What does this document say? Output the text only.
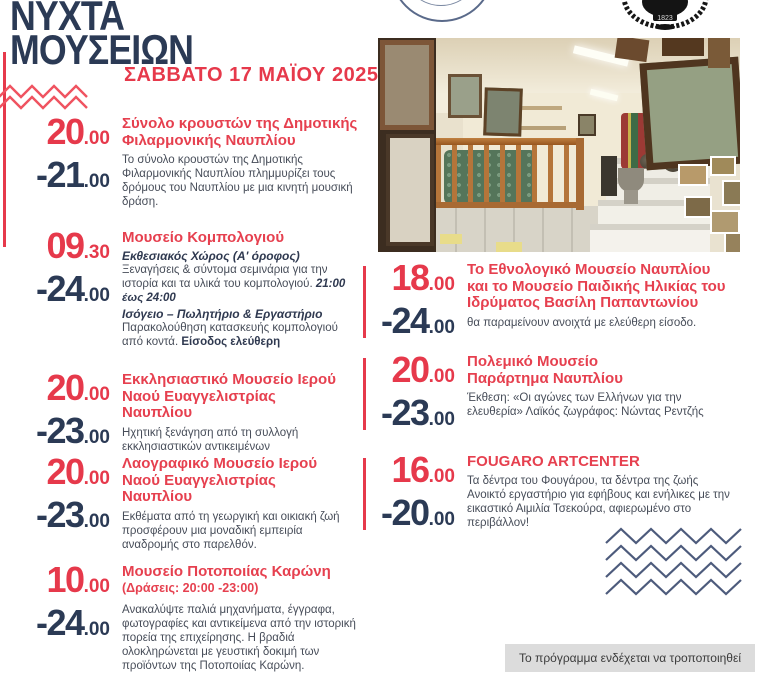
ΝΥΧΤΑ
ΜΟΥΣΕΙΩΝ
ΣΑΒΒΑΤΟ 17 ΜΑΪΟΥ 2025
1823
20.00
-21.00
Σύνολο κρουστών της Δημοτικής Φιλαρμονικής Ναυπλίου
Το σύνολο κρουστών της Δημοτικής Φιλαρμονικής Ναυπλίου πλημμυρίζει τους δρόμους του Ναυπλίου με μια κινητή μουσική δράση.
09.30
-24.00
Μουσείο Κομπολογιού
Εκθεσιακός Χώρος (Α' όροφος)
Ξεναγήσεις & σύντομα σεμινάρια για την ιστορία και τα υλικά του κομπολογιού. 21:00 έως 24:00
Ισόγειο – Πωλητήριο & Εργαστήριο
Παρακολούθηση κατασκευής κομπολογιού από κοντά. Είσοδος ελεύθερη
20.00
-23.00
Εκκλησιαστικό Μουσείο Ιερού Ναού Ευαγγελιστρίας Ναυπλίου
Ηχητική ξενάγηση από τη συλλογή εκκλησιαστικών αντικειμένων
20.00
-23.00
Λαογραφικό Μουσείο Ιερού Ναού Ευαγγελιστρίας Ναυπλίου
Εκθέματα από τη γεωργική και οικιακή ζωή προσφέρουν μια μοναδική εμπειρία αναδρομής στο παρελθόν.
10.00
-24.00
Μουσείο Ποτοποιίας Καρώνη
(Δράσεις: 20:00 -23:00)
Ανακαλύψτε παλιά μηχανήματα, έγγραφα, φωτογραφίες και αντικείμενα από την ιστορική πορεία της επιχείρησης. Η βραδιά ολοκληρώνεται με γευστική δοκιμή των προϊόντων της Ποτοποιίας Καρώνη.
18.00
-24.00
Το Εθνολογικό Μουσείο Ναυπλίου και το Μουσείο Παιδικής Ηλικίας του Ιδρύματος Βασίλη Παπαντωνίου
θα παραμείνουν ανοιχτά με ελεύθερη είσοδο.
20.00
-23.00
Πολεμικό Μουσείο Παράρτημα Ναυπλίου
Έκθεση: «Οι αγώνες των Ελλήνων για την ελευθερία» Λαϊκός ζωγράφος: Νώντας Ρεντζής
16.00
-20.00
FOUGARO ARTCENTER
Τα δέντρα του Φουγάρου, τα δέντρα της ζωής
Ανοικτό εργαστήριο για εφήβους και ενήλικες με την εικαστικό Αιμιλία Τσεκούρα, αφιερωμένο στο περιβάλλον!
Το πρόγραμμα ενδέχεται να τροποποιηθεί
